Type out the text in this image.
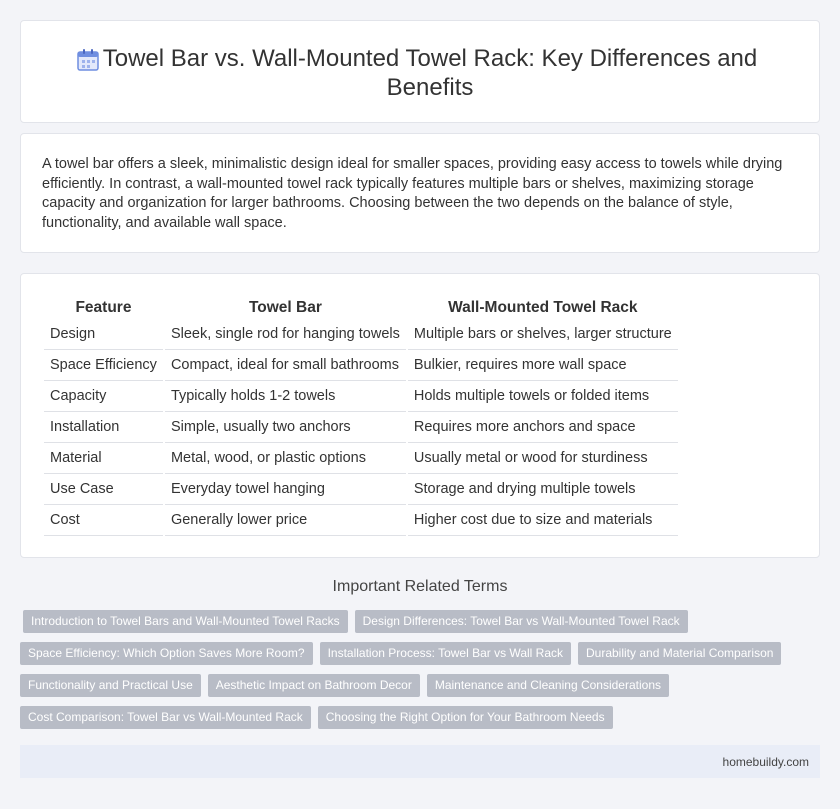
Towel Bar vs. Wall-Mounted Towel Rack: Key Differences and Benefits

A towel bar offers a sleek, minimalistic design ideal for smaller spaces, providing easy access to towels while drying efficiently. In contrast, a wall-mounted towel rack typically features multiple bars or shelves, maximizing storage capacity and organization for larger bathrooms. Choosing between the two depends on the balance of style, functionality, and available wall space.

Feature	Towel Bar	Wall-Mounted Towel Rack
Design	Sleek, single rod for hanging towels	Multiple bars or shelves, larger structure
Space Efficiency	Compact, ideal for small bathrooms	Bulkier, requires more wall space
Capacity	Typically holds 1-2 towels	Holds multiple towels or folded items
Installation	Simple, usually two anchors	Requires more anchors and space
Material	Metal, wood, or plastic options	Usually metal or wood for sturdiness
Use Case	Everyday towel hanging	Storage and drying multiple towels
Cost	Generally lower price	Higher cost due to size and materials
Important Related Terms
Introduction to Towel Bars and Wall-Mounted Towel Racks	Design Differences: Towel Bar vs Wall-Mounted Towel Rack
Space Efficiency: Which Option Saves More Room?	Installation Process: Towel Bar vs Wall Rack	Durability and Material Comparison
Functionality and Practical Use	Aesthetic Impact on Bathroom Decor	Maintenance and Cleaning Considerations
Cost Comparison: Towel Bar vs Wall-Mounted Rack	Choosing the Right Option for Your Bathroom Needs
homebuildy.com
